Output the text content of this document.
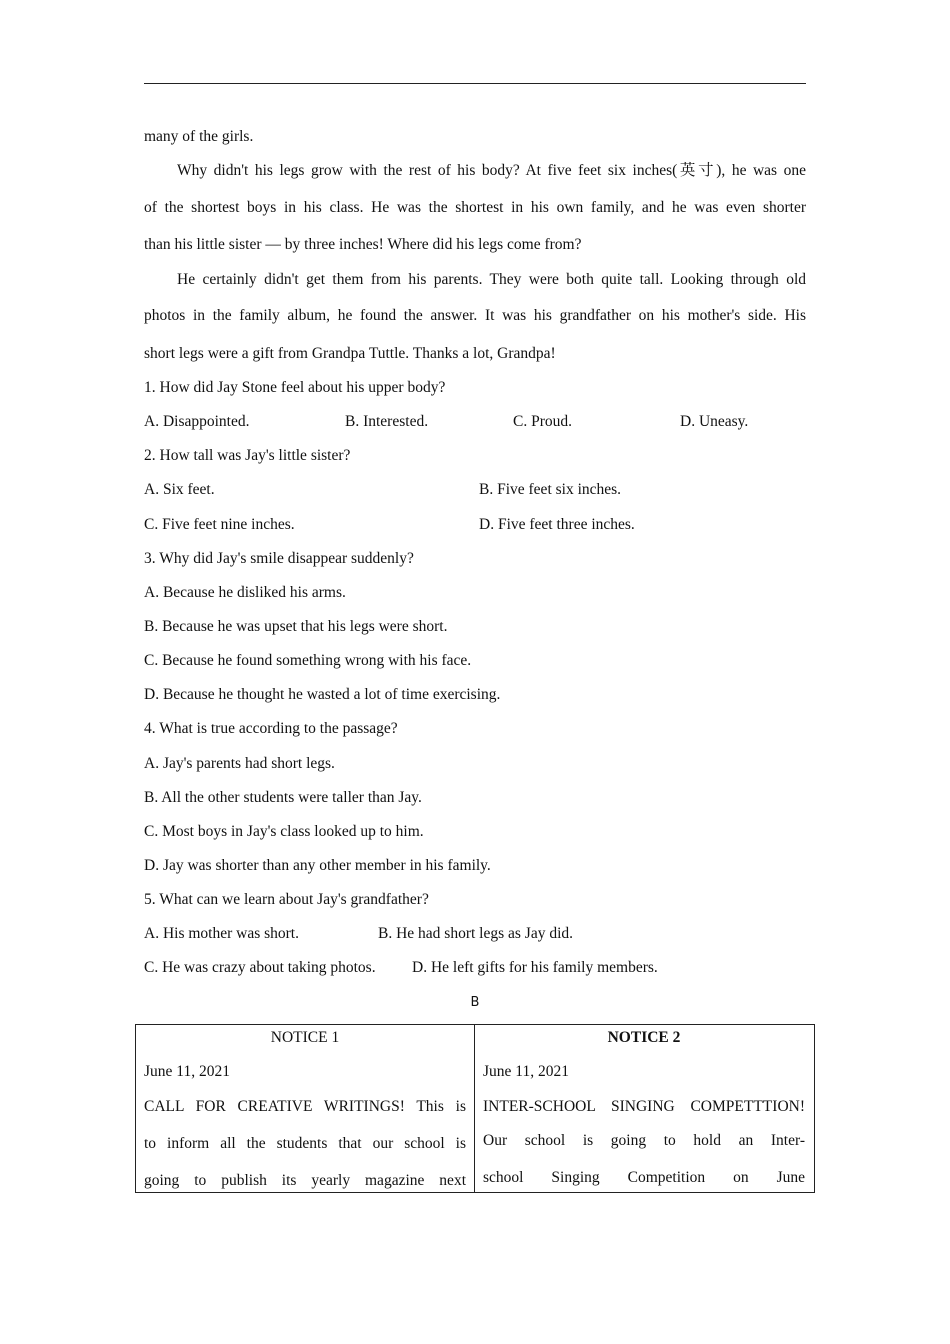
many of the girls.
Why didn't his legs grow with the rest of his body? At five feet six inches(英寸), he was one
of the shortest boys in his class. He was the shortest in his own family, and he was even shorter
than his little sister — by three inches! Where did his legs come from?
He certainly didn't get them from his parents. They were both quite tall. Looking through old
photos in the family album, he found the answer. It was his grandfather on his mother's side. His
short legs were a gift from Grandpa Tuttle. Thanks a lot, Grandpa!
1. How did Jay Stone feel about his upper body?
A. Disappointed.	B. Interested.	C. Proud.	D. Uneasy.
2. How tall was Jay's little sister?
A. Six feet.	B. Five feet six inches.
C. Five feet nine inches.	D. Five feet three inches.
3. Why did Jay's smile disappear suddenly?
A. Because he disliked his arms.
B. Because he was upset that his legs were short.
C. Because he found something wrong with his face.
D. Because he thought he wasted a lot of time exercising.
4. What is true according to the passage?
A. Jay's parents had short legs.
B. All the other students were taller than Jay.
C. Most boys in Jay's class looked up to him.
D. Jay was shorter than any other member in his family.
5. What can we learn about Jay's grandfather?
A. His mother was short.	B. He had short legs as Jay did.
C. He was crazy about taking photos. D. He left gifts for his family members.
B
NOTICE 1
June 11, 2021
CALL FOR CREATIVE WRITINGS! This is
to inform all the students that our school is
going to publish its yearly magazine next
NOTICE 2
June 11, 2021
INTER-SCHOOL SINGING COMPETTTION!
Our school is going to hold an Inter-
school Singing Competition on June
